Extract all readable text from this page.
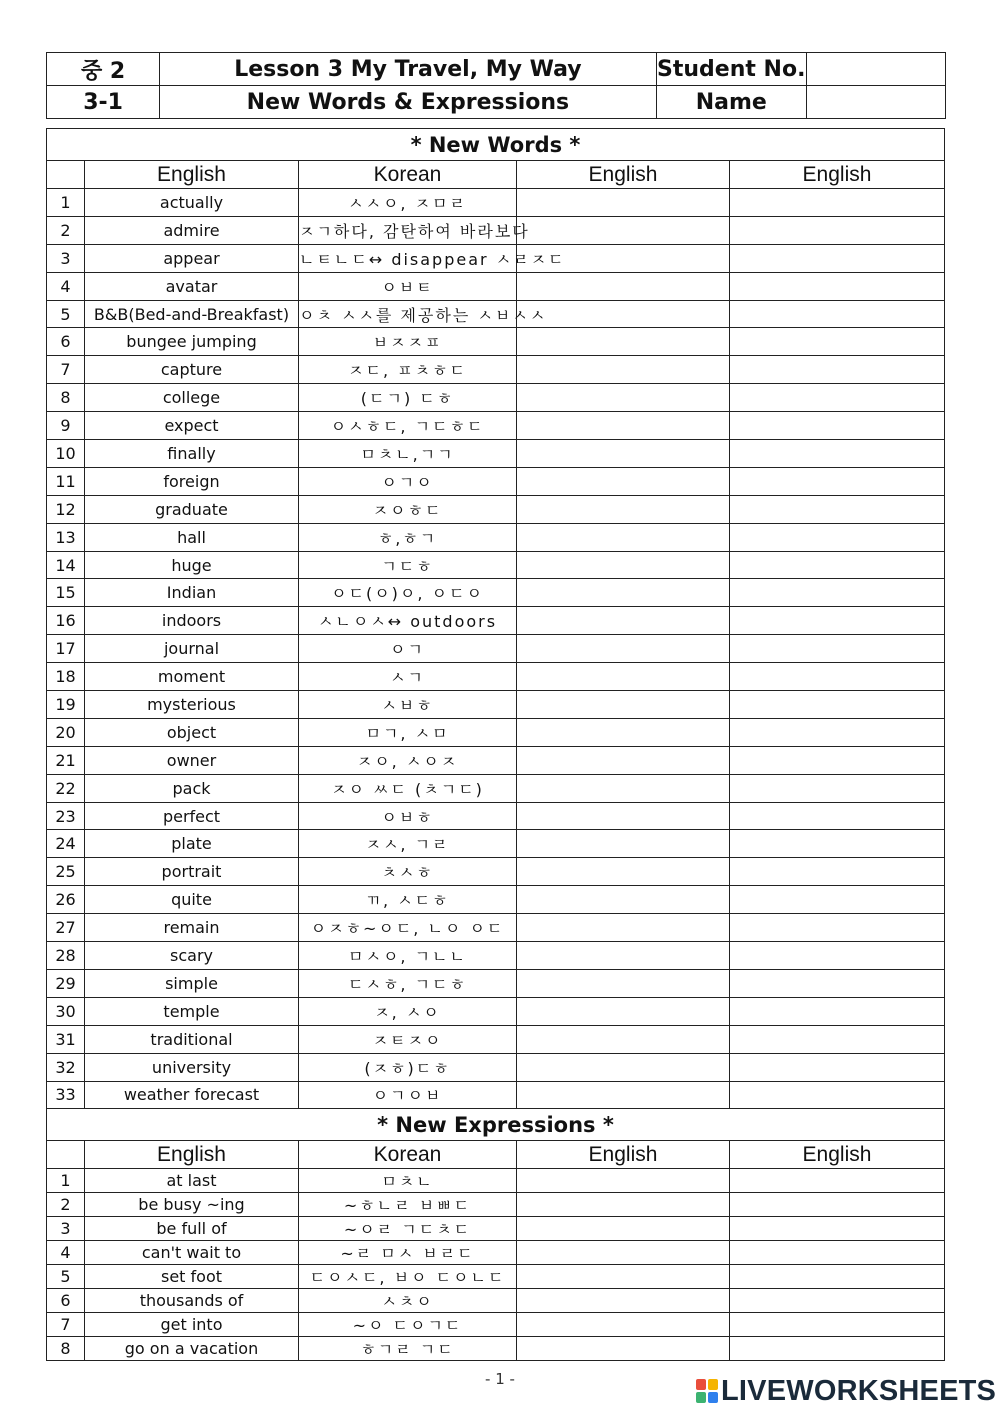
중 2	Lesson 3 My Travel, My Way	Student No.	
3-1	New Words & Expressions	Name	
* New Words *				
	English	Korean	English	English
1	actually	ㅅㅅㅇ, ㅈㅁㄹ		
2	admire	ㅈㄱ하다, 감탄하여 바라보다		
3	appear	ㄴㅌㄴㄷ↔ disappear ㅅㄹㅈㄷ		
4	avatar	ㅇㅂㅌ		
5	B&B(Bed-and-Breakfast)	ㅇㅊ ㅅㅅ를 제공하는 ㅅㅂㅅㅅ		
6	bungee jumping	ㅂㅈㅈㅍ		
7	capture	ㅈㄷ, ㅍㅊㅎㄷ		
8	college	(ㄷㄱ) ㄷㅎ		
9	expect	ㅇㅅㅎㄷ, ㄱㄷㅎㄷ		
10	finally	ㅁㅊㄴ,ㄱㄱ		
11	foreign	ㅇㄱㅇ		
12	graduate	ㅈㅇㅎㄷ		
13	hall	ㅎ,ㅎㄱ		
14	huge	ㄱㄷㅎ		
15	Indian	ㅇㄷ(ㅇ)ㅇ, ㅇㄷㅇ		
16	indoors	ㅅㄴㅇㅅ↔ outdoors		
17	journal	ㅇㄱ		
18	moment	ㅅㄱ		
19	mysterious	ㅅㅂㅎ		
20	object	ㅁㄱ, ㅅㅁ		
21	owner	ㅈㅇ, ㅅㅇㅈ		
22	pack	ㅈㅇ ㅆㄷ (ㅊㄱㄷ)		
23	perfect	ㅇㅂㅎ		
24	plate	ㅈㅅ, ㄱㄹ		
25	portrait	ㅊㅅㅎ		
26	quite	ㄲ, ㅅㄷㅎ		
27	remain	ㅇㅈㅎ~ㅇㄷ, ㄴㅇ ㅇㄷ		
28	scary	ㅁㅅㅇ, ㄱㄴㄴ		
29	simple	ㄷㅅㅎ, ㄱㄷㅎ		
30	temple	ㅈ, ㅅㅇ		
31	traditional	ㅈㅌㅈㅇ		
32	university	(ㅈㅎ)ㄷㅎ		
33	weather forecast	ㅇㄱㅇㅂ		
* New Expressions *				
	English	Korean	English	English
1	at last	ㅁㅊㄴ		
2	be busy ~ing	~ㅎㄴㄹ ㅂㅃㄷ		
3	be full of	~ㅇㄹ ㄱㄷㅊㄷ		
4	can't wait to	~ㄹ ㅁㅅ ㅂㄹㄷ		
5	set foot	ㄷㅇㅅㄷ, ㅂㅇ ㄷㅇㄴㄷ		
6	thousands of	ㅅㅊㅇ		
7	get into	~ㅇ ㄷㅇㄱㄷ		
8	go on a vacation	ㅎㄱㄹ ㄱㄷ		
- 1 -	LIVEWORKSHEETS
